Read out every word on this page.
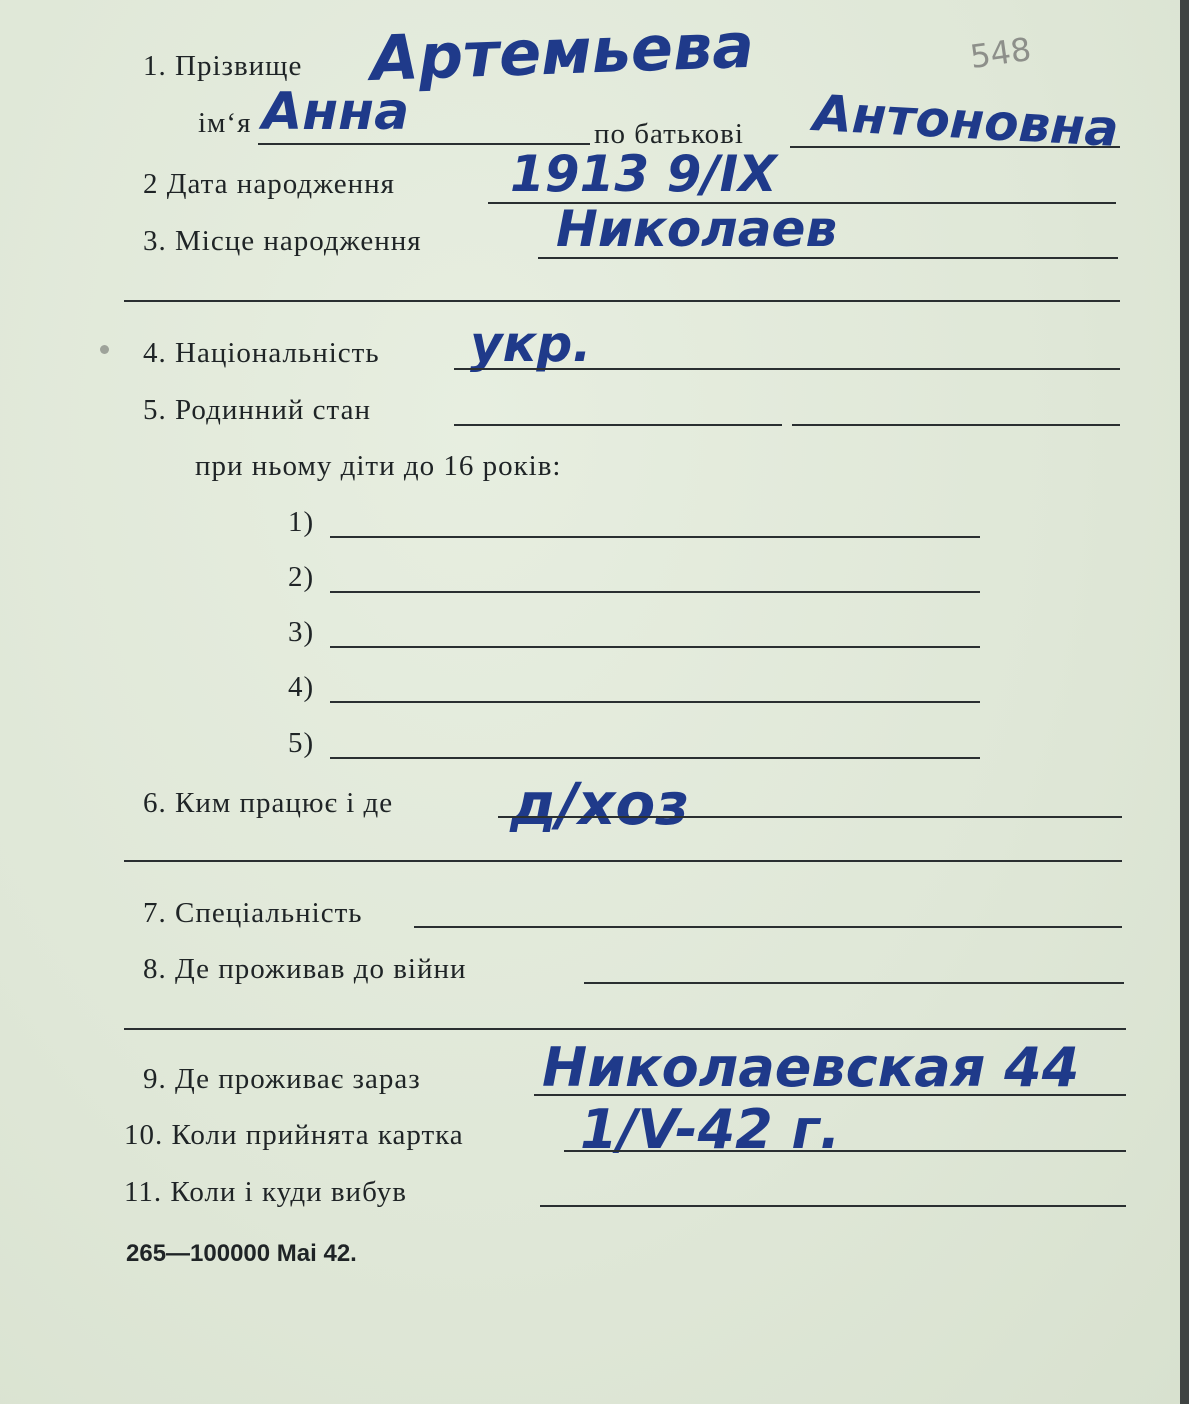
1. Прізвище Артемьева	548
ім‘я Анна	по батькові Антоновна
2 Дата народження 1913 9/IX
3. Місце народження	Николаев
4. Національність укр.
5. Родинний стан
при ньому діти до 16 років:
1)
2)
3)
4)
5)
6. Ким працює і де д/хоз
7. Спеціальність
8. Де проживав до війни
9. Де проживає зараз Николаевская 44
10. Коли прийнята картка 1/V-42 г.
11. Коли і куди вибув
265—100000 Mai 42.
